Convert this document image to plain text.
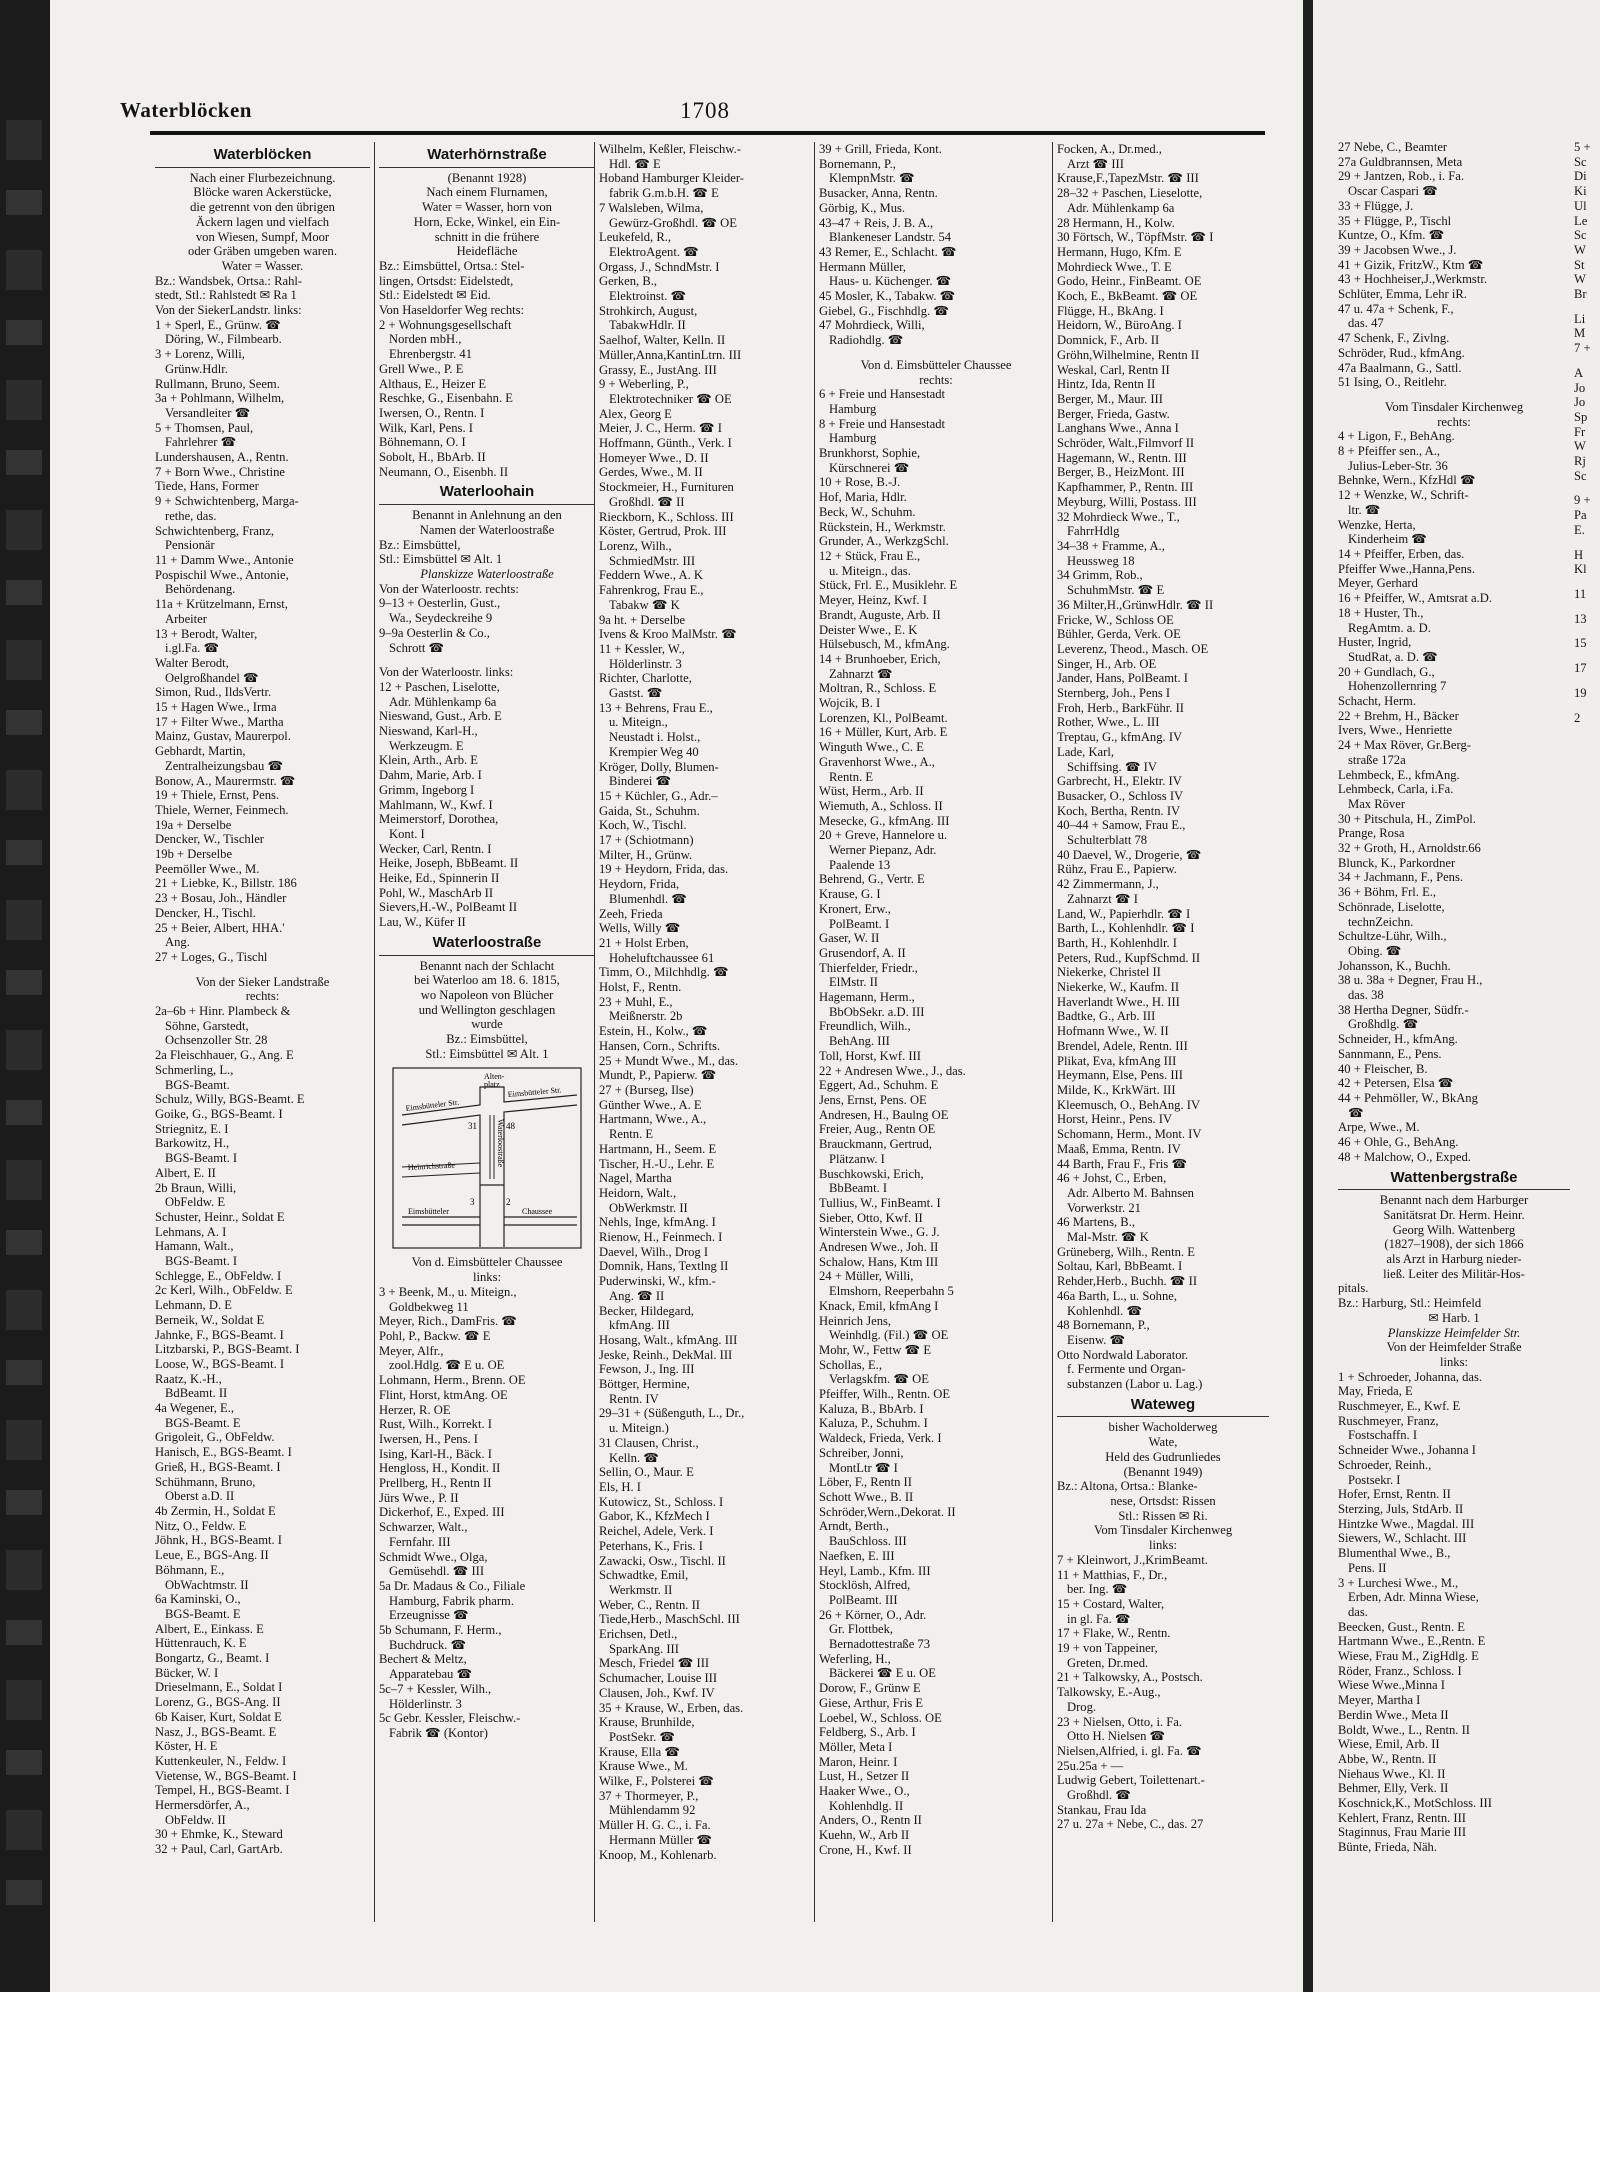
Waterblöcken	1708
Waterblöcken
Nach einer Flurbezeichnung.
Blöcke waren Ackerstücke,
die getrennt von den übrigen
Äckern lagen und vielfach
von Wiesen, Sumpf, Moor
oder Gräben umgeben waren.
Water = Wasser.
Bz.: Wandsbek, Ortsa.: Rahl-
stedt, Stl.: Rahlstedt ✉ Ra 1
Von der SiekerLandstr. links:
1 + Sperl, E., Grünw. ☎
Döring, W., Filmbearb.
3 + Lorenz, Willi,
Grünw.Hdlr.
Rullmann, Bruno, Seem.
3a + Pohlmann, Wilhelm,
Versandleiter ☎
5 + Thomsen, Paul,
Fahrlehrer ☎
Lundershausen, A., Rentn.
7 + Born Wwe., Christine
Tiede, Hans, Former
9 + Schwichtenberg, Marga-
rethe, das.
Schwichtenberg, Franz,
Pensionär
11 + Damm Wwe., Antonie
Pospischil Wwe., Antonie,
Behördenang.
11a + Krützelmann, Ernst,
Arbeiter
13 + Berodt, Walter,
i.gl.Fa. ☎
Walter Berodt,
Oelgroßhandel ☎
Simon, Rud., IldsVertr.
15 + Hagen Wwe., Irma
17 + Filter Wwe., Martha
Mainz, Gustav, Maurerpol.
Gebhardt, Martin,
Zentralheizungsbau ☎
Bonow, A., Maurermstr. ☎
19 + Thiele, Ernst, Pens.
Thiele, Werner, Feinmech.
19a + Derselbe
Dencker, W., Tischler
19b + Derselbe
Peemöller Wwe., M.
21 + Liebke, K., Billstr. 186
23 + Bosau, Joh., Händler
Dencker, H., Tischl.
25 + Beier, Albert, HHA.'
Ang.
27 + Loges, G., Tischl
Von der Sieker Landstraße
rechts:
2a–6b + Hinr. Plambeck &
Söhne, Garstedt,
Ochsenzoller Str. 28
2a Fleischhauer, G., Ang. E
Schmerling, L.,
BGS-Beamt.
Schulz, Willy, BGS-Beamt. E
Goike, G., BGS-Beamt. I
Striegnitz, E. I
Barkowitz, H.,
BGS-Beamt. I
Albert, E. II
2b Braun, Willi,
ObFeldw. E
Schuster, Heinr., Soldat E
Lehmans, A. I
Hamann, Walt.,
BGS-Beamt. I
Schlegge, E., ObFeldw. I
2c Kerl, Wilh., ObFeldw. E
Lehmann, D. E
Berneik, W., Soldat E
Jahnke, F., BGS-Beamt. I
Litzbarski, P., BGS-Beamt. I
Loose, W., BGS-Beamt. I
Raatz, K.-H.,
BdBeamt. II
4a Wegener, E.,
BGS-Beamt. E
Grigoleit, G., ObFeldw.
Hanisch, E., BGS-Beamt. I
Grieß, H., BGS-Beamt. I
Schühmann, Bruno,
Oberst a.D. II
4b Zermin, H., Soldat E
Nitz, O., Feldw. E
Jöhnk, H., BGS-Beamt. I
Leue, E., BGS-Ang. II
Böhmann, E.,
ObWachtmstr. II
6a Kaminski, O.,
BGS-Beamt. E
Albert, E., Einkass. E
Hüttenrauch, K. E
Bongartz, G., Beamt. I
Bücker, W. I
Drieselmann, E., Soldat I
Lorenz, G., BGS-Ang. II
6b Kaiser, Kurt, Soldat E
Nasz, J., BGS-Beamt. E
Köster, H. E
Kuttenkeuler, N., Feldw. I
Vietense, W., BGS-Beamt. I
Tempel, H., BGS-Beamt. I
Hermersdörfer, A.,
ObFeldw. II
30 + Ehmke, K., Steward
32 + Paul, Carl, GartArb.
Waterhörnstraße
(Benannt 1928)
Nach einem Flurnamen,
Water = Wasser, horn von
Horn, Ecke, Winkel, ein Ein-
schnitt in die frühere
Heidefläche
Bz.: Eimsbüttel, Ortsa.: Stel-
lingen, Ortsdst: Eidelstedt,
Stl.: Eidelstedt ✉ Eid.
Von Haseldorfer Weg rechts:
2 + Wohnungsgesellschaft
Norden mbH.,
Ehrenbergstr. 41
Grell Wwe., P. E
Althaus, E., Heizer E
Reschke, G., Eisenbahn. E
Iwersen, O., Rentn. I
Wilk, Karl, Pens. I
Böhnemann, O. I
Sobolt, H., BbArb. II
Neumann, O., Eisenbh. II
Waterloohain
Benannt in Anlehnung an den
Namen der Waterloostraße
Bz.: Eimsbüttel,
Stl.: Eimsbüttel ✉ Alt. 1
Planskizze Waterloostraße
Von der Waterloostr. rechts:
9–13 + Oesterlin, Gust.,
Wa., Seydeckreihe 9
9–9a Oesterlin & Co.,
Schrott ☎
Von der Waterloostr. links:
12 + Paschen, Liselotte,
Adr. Mühlenkamp 6a
Nieswand, Gust., Arb. E
Nieswand, Karl-H.,
Werkzeugm. E
Klein, Arth., Arb. E
Dahm, Marie, Arb. I
Grimm, Ingeborg I
Mahlmann, W., Kwf. I
Meimerstorf, Dorothea,
Kont. I
Wecker, Carl, Rentn. I
Heike, Joseph, BbBeamt. II
Heike, Ed., Spinnerin II
Pohl, W., MaschArb II
Sievers,H.-W., PolBeamt II
Lau, W., Küfer II
Waterloostraße
Benannt nach der Schlacht
bei Waterloo am 18. 6. 1815,
wo Napoleon von Blücher
und Wellington geschlagen
wurde
Bz.: Eimsbüttel,
Stl.: Eimsbüttel ✉ Alt. 1
Alten-
platz
Eimsbütteler Str.
Eimsbütteler Str.
Waterloostraße
Heinrichstraße
Eimsbütteler	Chaussee
31	48
3	2
Von d. Eimsbütteler Chaussee
links:
3 + Beenk, M., u. Miteign.,
Goldbekweg 11
Meyer, Rich., DamFris. ☎
Pohl, P., Backw. ☎ E
Meyer, Alfr.,
zool.Hdlg. ☎ E u. OE
Lohmann, Herm., Brenn. OE
Flint, Horst, ktmAng. OE
Herzer, R. OE
Rust, Wilh., Korrekt. I
Iwersen, H., Pens. I
Ising, Karl-H., Bäck. I
Hengloss, H., Kondit. II
Prellberg, H., Rentn II
Jürs Wwe., P. II
Dickerhof, E., Exped. III
Schwarzer, Walt.,
Fernfahr. III
Schmidt Wwe., Olga,
Gemüsehdl. ☎ III
5a Dr. Madaus & Co., Filiale
Hamburg, Fabrik pharm.
Erzeugnisse ☎
5b Schumann, F. Herm.,
Buchdruck. ☎
Bechert & Meltz,
Apparatebau ☎
5c–7 + Kessler, Wilh.,
Hölderlinstr. 3
5c Gebr. Kessler, Fleischw.-
Fabrik ☎ (Kontor)
Wilhelm, Keßler, Fleischw.-
Hdl. ☎ E
Hoband Hamburger Kleider-
fabrik G.m.b.H. ☎ E
7 Walsleben, Wilma,
Gewürz-Großhdl. ☎ OE
Leukefeld, R.,
ElektroAgent. ☎
Orgass, J., SchndMstr. I
Gerken, B.,
Elektroinst. ☎
Strohkirch, August,
TabakwHdlr. II
Saelhof, Walter, Kelln. II
Müller,Anna,KantinLtrn. III
Grassy, E., JustAng. III
9 + Weberling, P.,
Elektrotechniker ☎ OE
Alex, Georg E
Meier, J. C., Herm. ☎ I
Hoffmann, Günth., Verk. I
Homeyer Wwe., D. II
Gerdes, Wwe., M. II
Stockmeier, H., Furnituren
Großhdl. ☎ II
Rieckborn, K., Schloss. III
Köster, Gertrud, Prok. III
Lorenz, Wilh.,
SchmiedMstr. III
Feddern Wwe., A. K
Fahrenkrog, Frau E.,
Tabakw ☎ K
9a ht. + Derselbe
Ivens & Kroo MalMstr. ☎
11 + Kessler, W.,
Hölderlinstr. 3
Richter, Charlotte,
Gastst. ☎
13 + Behrens, Frau E.,
u. Miteign.,
Neustadt i. Holst.,
Krempier Weg 40
Kröger, Dolly, Blumen-
Binderei ☎
15 + Küchler, G., Adr.–
Gaida, St., Schuhm.
Koch, W., Tischl.
17 + (Schiotmann)
Milter, H., Grünw.
19 + Heydorn, Frida, das.
Heydorn, Frida,
Blumenhdl. ☎
Zeeh, Frieda
Wells, Willy ☎
21 + Holst Erben,
Hoheluftchaussee 61
Timm, O., Milchhdlg. ☎
Holst, F., Rentn.
23 + Muhl, E.,
Meißnerstr. 2b
Estein, H., Kolw., ☎
Hansen, Corn., Schrifts.
25 + Mundt Wwe., M., das.
Mundt, P., Papierw. ☎
27 + (Burseg, Ilse)
Günther Wwe., A. E
Hartmann, Wwe., A.,
Rentn. E
Hartmann, H., Seem. E
Tischer, H.-U., Lehr. E
Nagel, Martha
Heidorn, Walt.,
ObWerkmstr. II
Nehls, Inge, kfmAng. I
Rienow, H., Feinmech. I
Daevel, Wilh., Drog I
Domnik, Hans, Textlng II
Puderwinski, W., kfm.-
Ang. ☎ II
Becker, Hildegard,
kfmAng. III
Hosang, Walt., kfmAng. III
Jeske, Reinh., DekMal. III
Fewson, J., Ing. III
Böttger, Hermine,
Rentn. IV
29–31 + (Süßenguth, L., Dr.,
u. Miteign.)
31 Clausen, Christ.,
Kelln. ☎
Sellin, O., Maur. E
Els, H. I
Kutowicz, St., Schloss. I
Gabor, K., KfzMech I
Reichel, Adele, Verk. I
Peterhans, K., Fris. I
Zawacki, Osw., Tischl. II
Schwadtke, Emil,
Werkmstr. II
Weber, C., Rentn. II
Tiede,Herb., MaschSchl. III
Erichsen, Detl.,
SparkAng. III
Mesch, Friedel ☎ III
Schumacher, Louise III
Clausen, Joh., Kwf. IV
35 + Krause, W., Erben, das.
Krause, Brunhilde,
PostSekr. ☎
Krause, Ella ☎
Krause Wwe., M.
Wilke, F., Polsterei ☎
37 + Thormeyer, P.,
Mühlendamm 92
Müller H. G. C., i. Fa.
Hermann Müller ☎
Knoop, M., Kohlenarb.
39 + Grill, Frieda, Kont.
Bornemann, P.,
KlempnMstr. ☎
Busacker, Anna, Rentn.
Görbig, K., Mus.
43–47 + Reis, J. B. A.,
Blankeneser Landstr. 54
43 Remer, E., Schlacht. ☎
Hermann Müller,
Haus- u. Küchenger. ☎
45 Mosler, K., Tabakw. ☎
Giebel, G., Fischhdlg. ☎
47 Mohrdieck, Willi,
Radiohdlg. ☎
Von d. Eimsbütteler Chaussee
rechts:
6 + Freie und Hansestadt
Hamburg
8 + Freie und Hansestadt
Hamburg
Brunkhorst, Sophie,
Kürschnerei ☎
10 + Rose, B.-J.
Hof, Maria, Hdlr.
Beck, W., Schuhm.
Rückstein, H., Werkmstr.
Grunder, A., WerkzgSchl.
12 + Stück, Frau E.,
u. Miteign., das.
Stück, Frl. E., Musiklehr. E
Meyer, Heinz, Kwf. I
Brandt, Auguste, Arb. II
Deister Wwe., E. K
Hülsebusch, M., kfmAng.
14 + Brunhoeber, Erich,
Zahnarzt ☎
Moltran, R., Schloss. E
Wojcik, B. I
Lorenzen, Kl., PolBeamt.
16 + Müller, Kurt, Arb. E
Winguth Wwe., C. E
Gravenhorst Wwe., A.,
Rentn. E
Wüst, Herm., Arb. II
Wiemuth, A., Schloss. II
Mesecke, G., kfmAng. III
20 + Greve, Hannelore u.
Werner Piepanz, Adr.
Paalende 13
Behrend, G., Vertr. E
Krause, G. I
Kronert, Erw.,
PolBeamt. I
Gaser, W. II
Grusendorf, A. II
Thierfelder, Friedr.,
ElMstr. II
Hagemann, Herm.,
BbObSekr. a.D. III
Freundlich, Wilh.,
BehAng. III
Toll, Horst, Kwf. III
22 + Andresen Wwe., J., das.
Eggert, Ad., Schuhm. E
Jens, Ernst, Pens. OE
Andresen, H., Baulng OE
Freier, Aug., Rentn OE
Brauckmann, Gertrud,
Plätzanw. I
Buschkowski, Erich,
BbBeamt. I
Tullius, W., FinBeamt. I
Sieber, Otto, Kwf. II
Winterstein Wwe., G. J.
Andresen Wwe., Joh. II
Schalow, Hans, Ktm III
24 + Müller, Willi,
Elmshorn, Reeperbahn 5
Knack, Emil, kfmAng I
Heinrich Jens,
Weinhdlg. (Fil.) ☎ OE
Mohr, W., Fettw ☎ E
Schollas, E.,
Verlagskfm. ☎ OE
Pfeiffer, Wilh., Rentn. OE
Kaluza, B., BbArb. I
Kaluza, P., Schuhm. I
Waldeck, Frieda, Verk. I
Schreiber, Jonni,
MontLtr ☎ I
Löber, F., Rentn II
Schott Wwe., B. II
Schröder,Wern.,Dekorat. II
Arndt, Berth.,
BauSchloss. III
Naefken, E. III
Heyl, Lamb., Kfm. III
Stocklösh, Alfred,
PolBeamt. III
26 + Körner, O., Adr.
Gr. Flottbek,
Bernadottestraße 73
Weferling, H.,
Bäckerei ☎ E u. OE
Dorow, F., Grünw E
Giese, Arthur, Fris E
Loebel, W., Schloss. OE
Feldberg, S., Arb. I
Möller, Meta I
Maron, Heinr. I
Lust, H., Setzer II
Haaker Wwe., O.,
Kohlenhdlg. II
Anders, O., Rentn II
Kuehn, W., Arb II
Crone, H., Kwf. II
Focken, A., Dr.med.,
Arzt ☎ III
Krause,F.,TapezMstr. ☎ III
28–32 + Paschen, Lieselotte,
Adr. Mühlenkamp 6a
28 Hermann, H., Kolw.
30 Förtsch, W., TöpfMstr. ☎ I
Hermann, Hugo, Kfm. E
Mohrdieck Wwe., T. E
Godo, Heinr., FinBeamt. OE
Koch, E., BkBeamt. ☎ OE
Flügge, H., BkAng. I
Heidorn, W., BüroAng. I
Domnick, F., Arb. II
Gröhn,Wilhelmine, Rentn II
Weskal, Carl, Rentn II
Hintz, Ida, Rentn II
Berger, M., Maur. III
Berger, Frieda, Gastw.
Langhans Wwe., Anna I
Schröder, Walt.,Filmvorf II
Hagemann, W., Rentn. III
Berger, B., HeizMont. III
Kapfhammer, P., Rentn. III
Meyburg, Willi, Postass. III
32 Mohrdieck Wwe., T.,
FahrrHdlg
34–38 + Framme, A.,
Heussweg 18
34 Grimm, Rob.,
SchuhmMstr. ☎ E
36 Milter,H.,GrünwHdlr. ☎ II
Fricke, W., Schloss OE
Bühler, Gerda, Verk. OE
Leverenz, Theod., Masch. OE
Singer, H., Arb. OE
Jander, Hans, PolBeamt. I
Sternberg, Joh., Pens I
Froh, Herb., BarkFühr. II
Rother, Wwe., L. III
Treptau, G., kfmAng. IV
Lade, Karl,
Schiffsing. ☎ IV
Garbrecht, H., Elektr. IV
Busacker, O., Schloss IV
Koch, Bertha, Rentn. IV
40–44 + Samow, Frau E.,
Schulterblatt 78
40 Daevel, W., Drogerie, ☎
Rühz, Frau E., Papierw.
42 Zimmermann, J.,
Zahnarzt ☎ I
Land, W., Papierhdlr. ☎ I
Barth, L., Kohlenhdlr. ☎ I
Barth, H., Kohlenhdlr. I
Peters, Rud., KupfSchmd. II
Niekerke, Christel II
Niekerke, W., Kaufm. II
Haverlandt Wwe., H. III
Badtke, G., Arb. III
Hofmann Wwe., W. II
Brendel, Adele, Rentn. III
Plikat, Eva, kfmAng III
Heymann, Else, Pens. III
Milde, K., KrkWärt. III
Kleemusch, O., BehAng. IV
Horst, Heinr., Pens. IV
Schomann, Herm., Mont. IV
Maaß, Emma, Rentn. IV
44 Barth, Frau F., Fris ☎
46 + Johst, C., Erben,
Adr. Alberto M. Bahnsen
Vorwerkstr. 21
46 Martens, B.,
Mal-Mstr. ☎ K
Grüneberg, Wilh., Rentn. E
Soltau, Karl, BbBeamt. I
Rehder,Herb., Buchh. ☎ II
46a Barth, L., u. Sohne,
Kohlenhdl. ☎
48 Bornemann, P.,
Eisenw. ☎
Otto Nordwald Laborator.
f. Fermente und Organ-
substanzen (Labor u. Lag.)
Wateweg
bisher Wacholderweg
Wate,
Held des Gudrunliedes
(Benannt 1949)
Bz.: Altona, Ortsa.: Blanke-
nese, Ortsdst: Rissen
Stl.: Rissen ✉ Ri.
Vom Tinsdaler Kirchenweg
links:
7 + Kleinwort, J.,KrimBeamt.
11 + Matthias, F., Dr.,
ber. Ing. ☎
15 + Costard, Walter,
in gl. Fa. ☎
17 + Flake, W., Rentn.
19 + von Tappeiner,
Greten, Dr.med.
21 + Talkowsky, A., Postsch.
Talkowsky, E.-Aug.,
Drog.
23 + Nielsen, Otto, i. Fa.
Otto H. Nielsen ☎
Nielsen,Alfried, i. gl. Fa. ☎
25u.25a + —
Ludwig Gebert, Toilettenart.-
Großhdl. ☎
Stankau, Frau Ida
27 u. 27a + Nebe, C., das. 27
27 Nebe, C., Beamter
27a Guldbrannsen, Meta
29 + Jantzen, Rob., i. Fa.
Oscar Caspari ☎
33 + Flügge, J.
35 + Flügge, P., Tischl
Kuntze, O., Kfm. ☎
39 + Jacobsen Wwe., J.
41 + Gizik, FritzW., Ktm ☎
43 + Hochheiser,J.,Werkmstr.
Schlüter, Emma, Lehr iR.
47 u. 47a + Schenk, F.,
das. 47
47 Schenk, F., Zivlng.
Schröder, Rud., kfmAng.
47a Baalmann, G., Sattl.
51 Ising, O., Reitlehr.
Vom Tinsdaler Kirchenweg
rechts:
4 + Ligon, F., BehAng.
8 + Pfeiffer sen., A.,
Julius-Leber-Str. 36
Behnke, Wern., KfzHdl ☎
12 + Wenzke, W., Schrift-
ltr. ☎
Wenzke, Herta,
Kinderheim ☎
14 + Pfeiffer, Erben, das.
Pfeiffer Wwe.,Hanna,Pens.
Meyer, Gerhard
16 + Pfeiffer, W., Amtsrat a.D.
18 + Huster, Th.,
RegAmtm. a. D.
Huster, Ingrid,
StudRat, a. D. ☎
20 + Gundlach, G.,
Hohenzollernring 7
Schacht, Herm.
22 + Brehm, H., Bäcker
Ivers, Wwe., Henriette
24 + Max Röver, Gr.Berg-
straße 172a
Lehmbeck, E., kfmAng.
Lehmbeck, Carla, i.Fa.
Max Röver
30 + Pitschula, H., ZimPol.
Prange, Rosa
32 + Groth, H., Arnoldstr.66
Blunck, K., Parkordner
34 + Jachmann, F., Pens.
36 + Böhm, Frl. E.,
Schönrade, Liselotte,
technZeichn.
Schultze-Lühr, Wilh.,
Obing. ☎
Johansson, K., Buchh.
38 u. 38a + Degner, Frau H.,
das. 38
38 Hertha Degner, Südfr.-
Großhdlg. ☎
Schneider, H., kfmAng.
Sannmann, E., Pens.
40 + Fleischer, B.
42 + Petersen, Elsa ☎
44 + Pehmöller, W., BkAng
☎
Arpe, Wwe., M.
46 + Ohle, G., BehAng.
48 + Malchow, O., Exped.
Wattenbergstraße
Benannt nach dem Harburger
Sanitätsrat Dr. Herm. Heinr.
Georg Wilh. Wattenberg
(1827–1908), der sich 1866
als Arzt in Harburg nieder-
ließ. Leiter des Militär-Hos-
pitals.
Bz.: Harburg, Stl.: Heimfeld
✉ Harb. 1
Planskizze Heimfelder Str.
Von der Heimfelder Straße
links:
1 + Schroeder, Johanna, das.
May, Frieda, E
Ruschmeyer, E., Kwf. E
Ruschmeyer, Franz,
Fostschaffn. I
Schneider Wwe., Johanna I
Schroeder, Reinh.,
Postsekr. I
Hofer, Ernst, Rentn. II
Sterzing, Juls, StdArb. II
Hintzke Wwe., Magdal. III
Siewers, W., Schlacht. III
Blumenthal Wwe., B.,
Pens. II
3 + Lurchesi Wwe., M.,
Erben, Adr. Minna Wiese,
das.
Beecken, Gust., Rentn. E
Hartmann Wwe., E.,Rentn. E
Wiese, Frau M., ZigHdlg. E
Röder, Franz., Schloss. I
Wiese Wwe.,Minna I
Meyer, Martha I
Berdin Wwe., Meta II
Boldt, Wwe., L., Rentn. II
Wiese, Emil, Arb. II
Abbe, W., Rentn. II
Niehaus Wwe., Kl. II
Behmer, Elly, Verk. II
Koschnick,K., MotSchloss. III
Kehlert, Franz, Rentn. III
Staginnus, Frau Marie III
Bünte, Frieda, Näh.
5 +
Sc
Di
Ki
Ul
Le
Sc
W
St
W
Br
Li
M
7 +
A
Jo
Jo
Sp
Fr
W
Rj
Sc
9 +
Pa
E.
H
Kl
11
13
15
17
19
2
